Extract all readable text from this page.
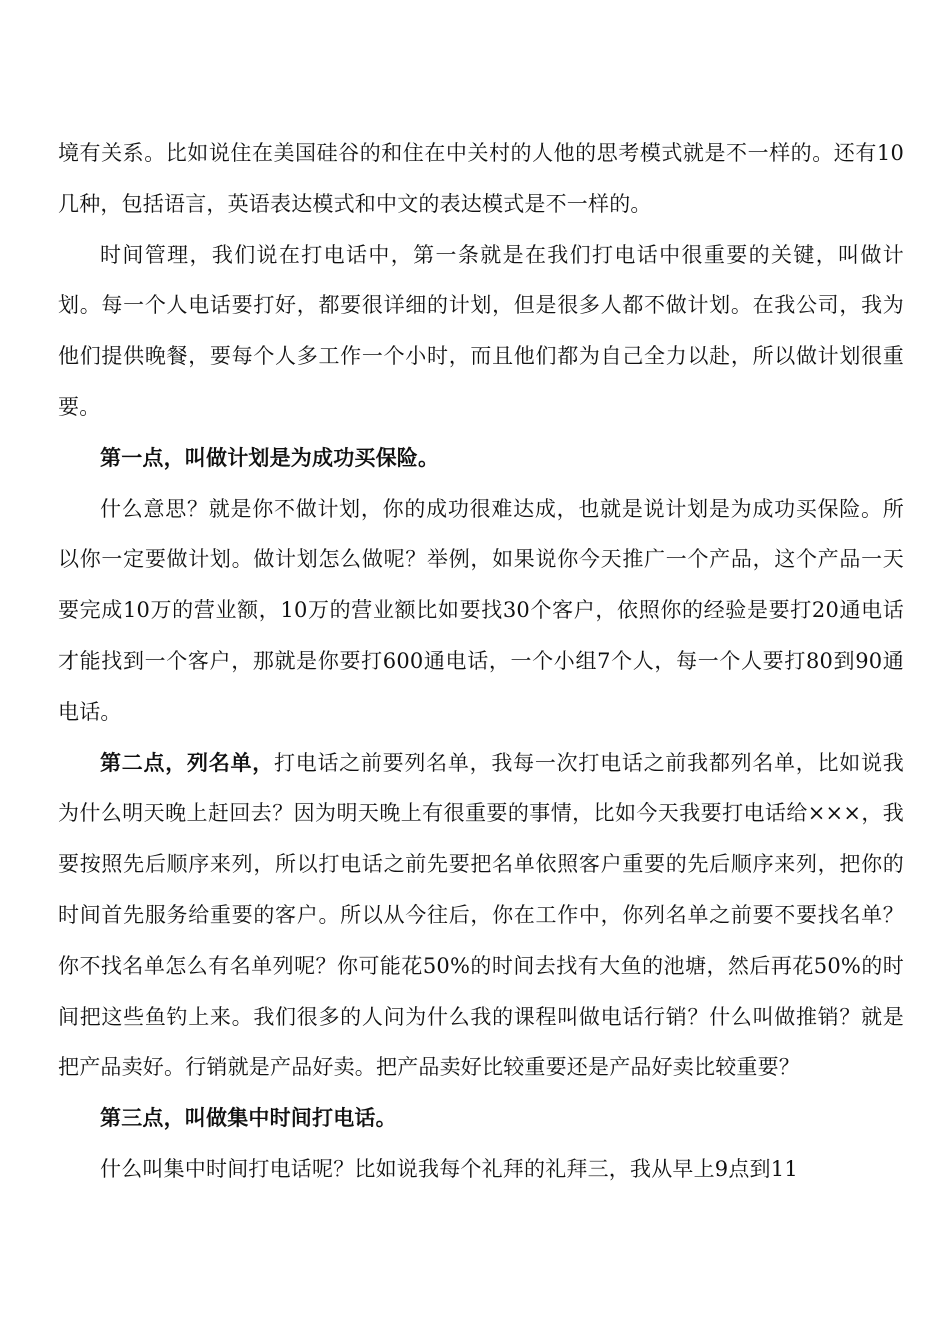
境有关系。比如说住在美国硅谷的和住在中关村的人他的思考模式就是不一样的。还有10几种，包括语言，英语表达模式和中文的表达模式是不一样的。

时间管理，我们说在打电话中，第一条就是在我们打电话中很重要的关键，叫做计划。每一个人电话要打好，都要很详细的计划，但是很多人都不做计划。在我公司，我为他们提供晚餐，要每个人多工作一个小时，而且他们都为自己全力以赴，所以做计划很重要。

第一点，叫做计划是为成功买保险。

什么意思？就是你不做计划，你的成功很难达成，也就是说计划是为成功买保险。所以你一定要做计划。做计划怎么做呢？举例，如果说你今天推广一个产品，这个产品一天要完成10万的营业额，10万的营业额比如要找30个客户，依照你的经验是要打20通电话才能找到一个客户，那就是你要打600通电话，一个小组7个人，每一个人要打80到90通电话。

第二点，列名单，打电话之前要列名单，我每一次打电话之前我都列名单，比如说我为什么明天晚上赶回去？因为明天晚上有很重要的事情，比如今天我要打电话给×××，我要按照先后顺序来列，所以打电话之前先要把名单依照客户重要的先后顺序来列，把你的时间首先服务给重要的客户。所以从今往后，你在工作中，你列名单之前要不要找名单？你不找名单怎么有名单列呢？你可能花50%的时间去找有大鱼的池塘，然后再花50%的时间把这些鱼钓上来。我们很多的人问为什么我的课程叫做电话行销？什么叫做推销？就是把产品卖好。行销就是产品好卖。把产品卖好比较重要还是产品好卖比较重要？

第三点，叫做集中时间打电话。

什么叫集中时间打电话呢？比如说我每个礼拜的礼拜三，我从早上9点到11
